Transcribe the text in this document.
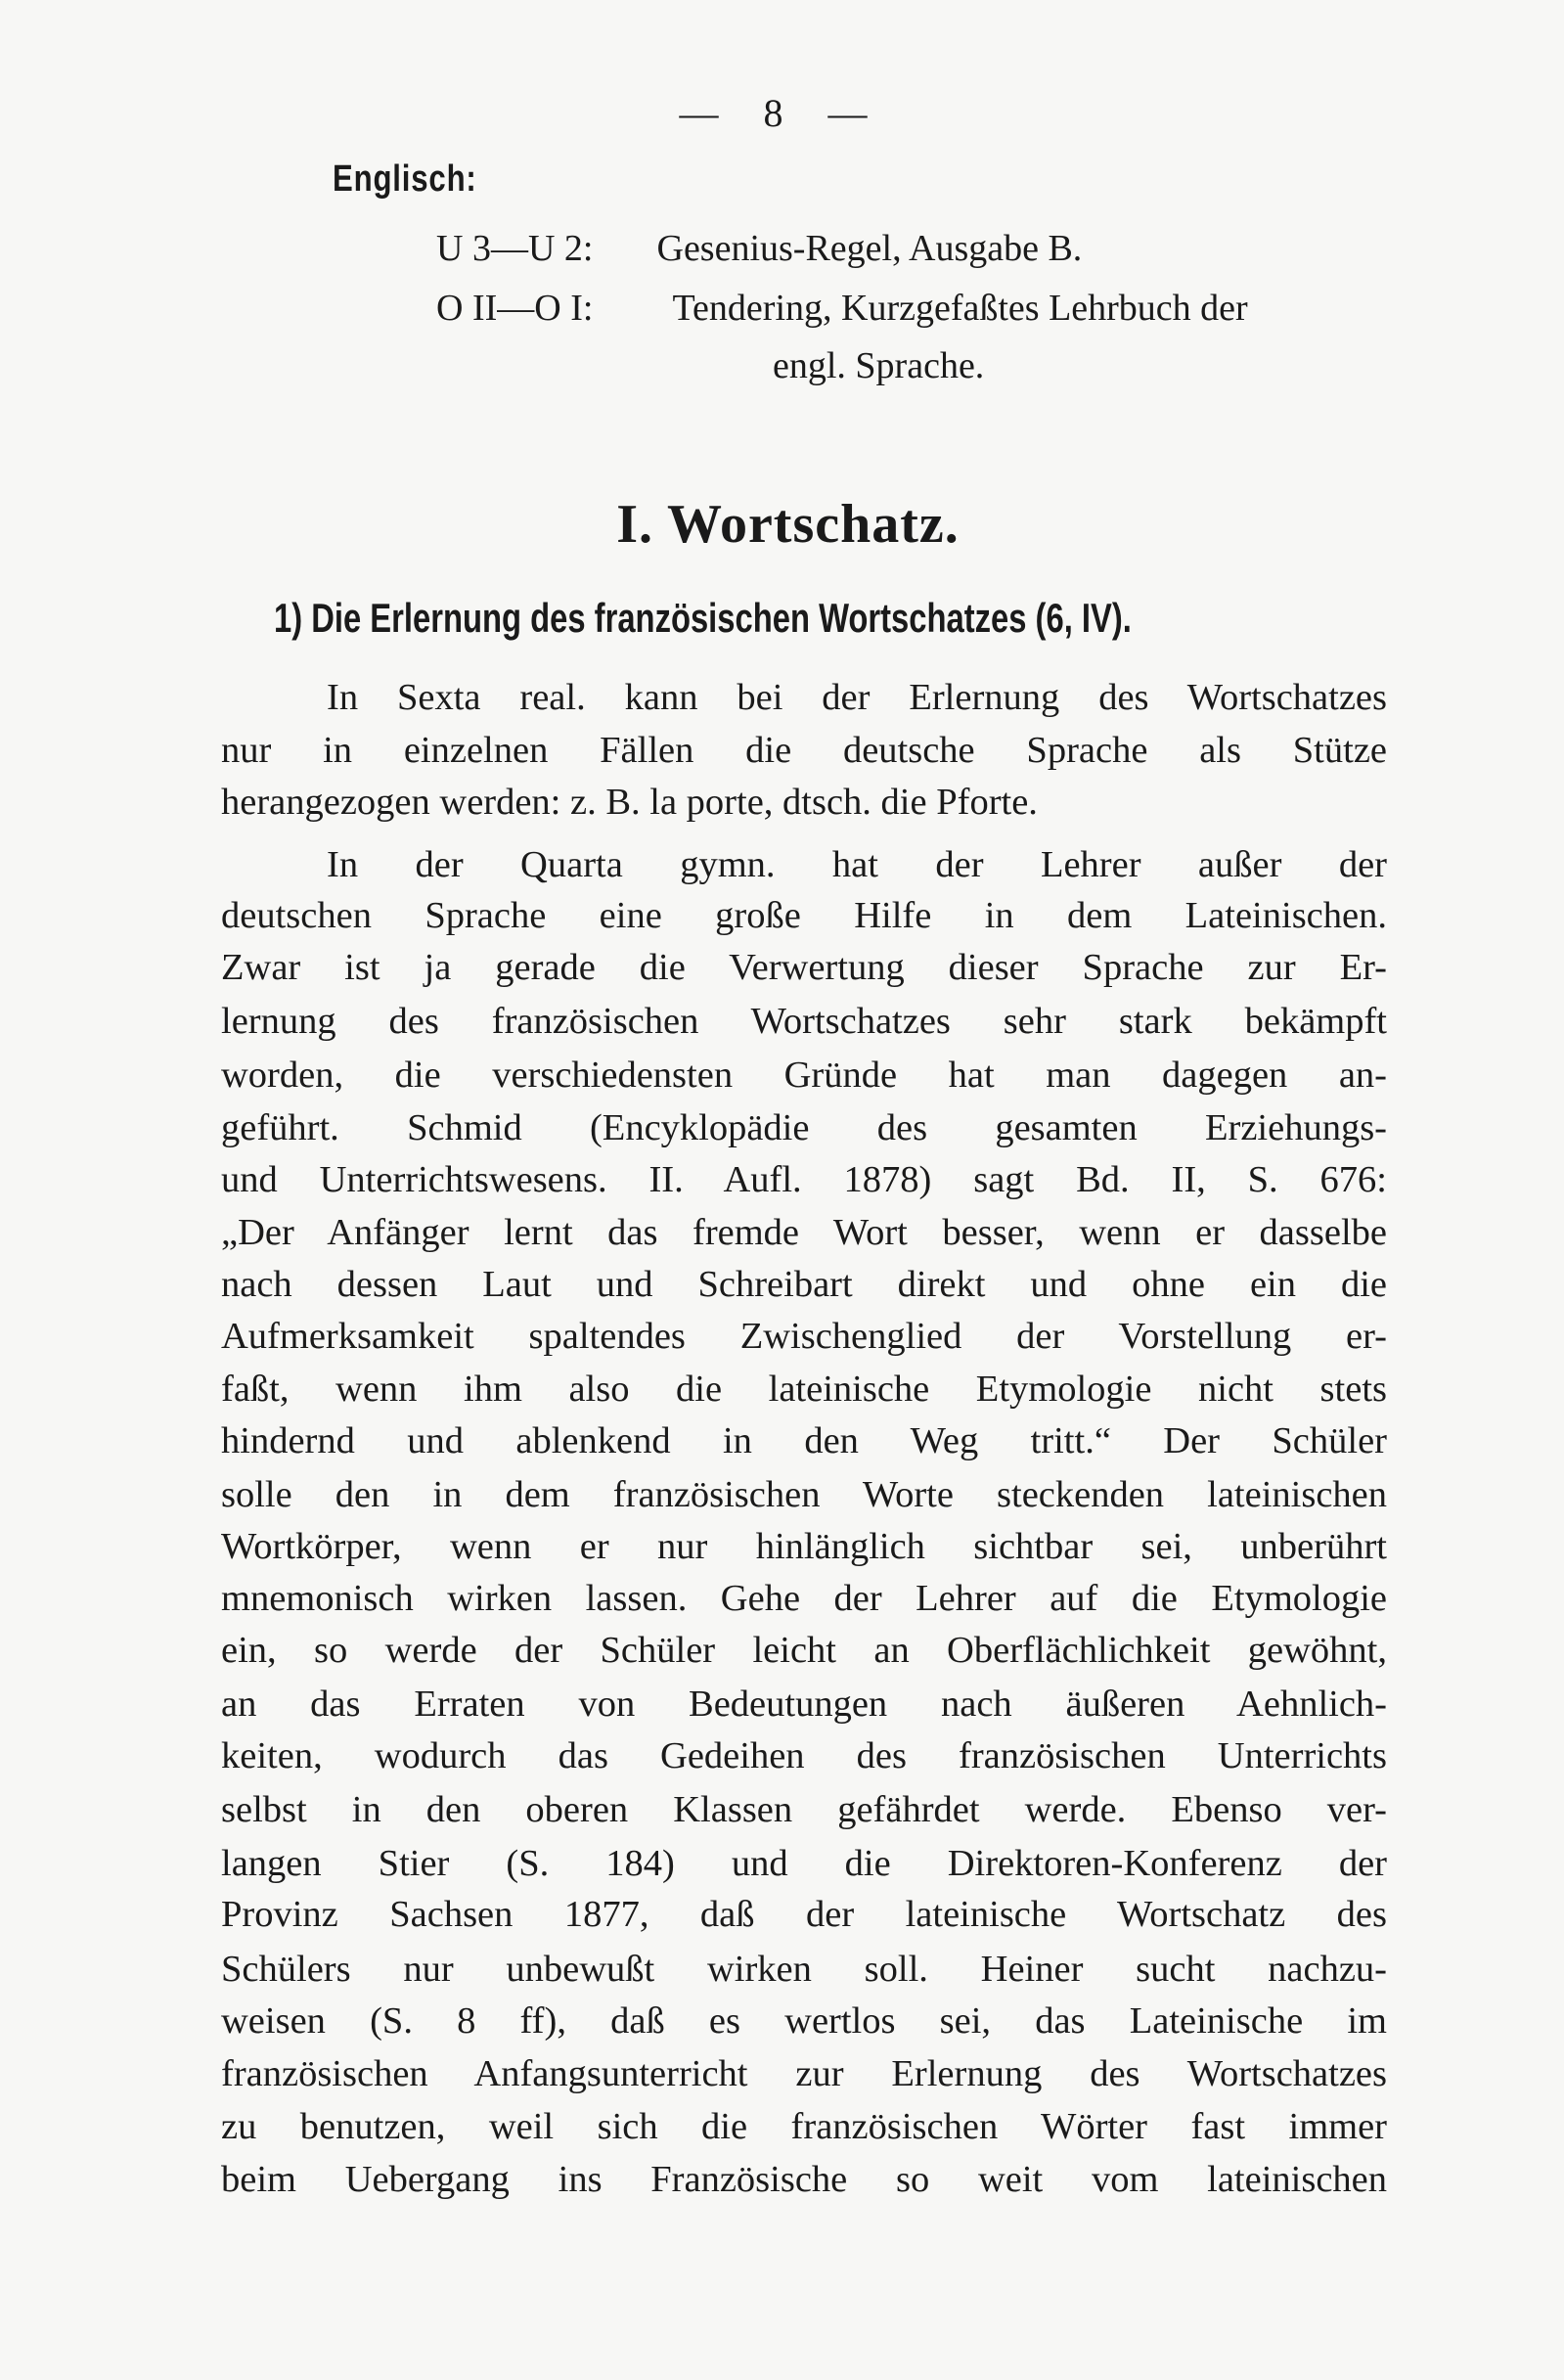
— 8 —
Englisch:
U 3—U 2: Gesenius-Regel, Ausgabe B.
O II—O I: Tendering, Kurzgefaßtes Lehrbuch der
engl. Sprache.
I. Wortschatz.
1) Die Erlernung des französischen Wortschatzes (6, IV).
In Sexta real. kann bei der Erlernung des Wortschatzes
nur in einzelnen Fällen die deutsche Sprache als Stütze
herangezogen werden: z. B. la porte, dtsch. die Pforte.
In der Quarta gymn. hat der Lehrer außer der
deutschen Sprache eine große Hilfe in dem Lateinischen.
Zwar ist ja gerade die Verwertung dieser Sprache zur Er-
lernung des französischen Wortschatzes sehr stark bekämpft
worden, die verschiedensten Gründe hat man dagegen an-
geführt. Schmid (Encyklopädie des gesamten Erziehungs-
und Unterrichtswesens. II. Aufl. 1878) sagt Bd. II, S. 676:
„Der Anfänger lernt das fremde Wort besser, wenn er dasselbe
nach dessen Laut und Schreibart direkt und ohne ein die
Aufmerksamkeit spaltendes Zwischenglied der Vorstellung er-
faßt, wenn ihm also die lateinische Etymologie nicht stets
hindernd und ablenkend in den Weg tritt.“ Der Schüler
solle den in dem französischen Worte steckenden lateinischen
Wortkörper, wenn er nur hinlänglich sichtbar sei, unberührt
mnemonisch wirken lassen. Gehe der Lehrer auf die Etymologie
ein, so werde der Schüler leicht an Oberflächlichkeit gewöhnt,
an das Erraten von Bedeutungen nach äußeren Aehnlich-
keiten, wodurch das Gedeihen des französischen Unterrichts
selbst in den oberen Klassen gefährdet werde. Ebenso ver-
langen Stier (S. 184) und die Direktoren-Konferenz der
Provinz Sachsen 1877, daß der lateinische Wortschatz des
Schülers nur unbewußt wirken soll. Heiner sucht nachzu-
weisen (S. 8 ff), daß es wertlos sei, das Lateinische im
französischen Anfangsunterricht zur Erlernung des Wortschatzes
zu benutzen, weil sich die französischen Wörter fast immer
beim Uebergang ins Französische so weit vom lateinischen
